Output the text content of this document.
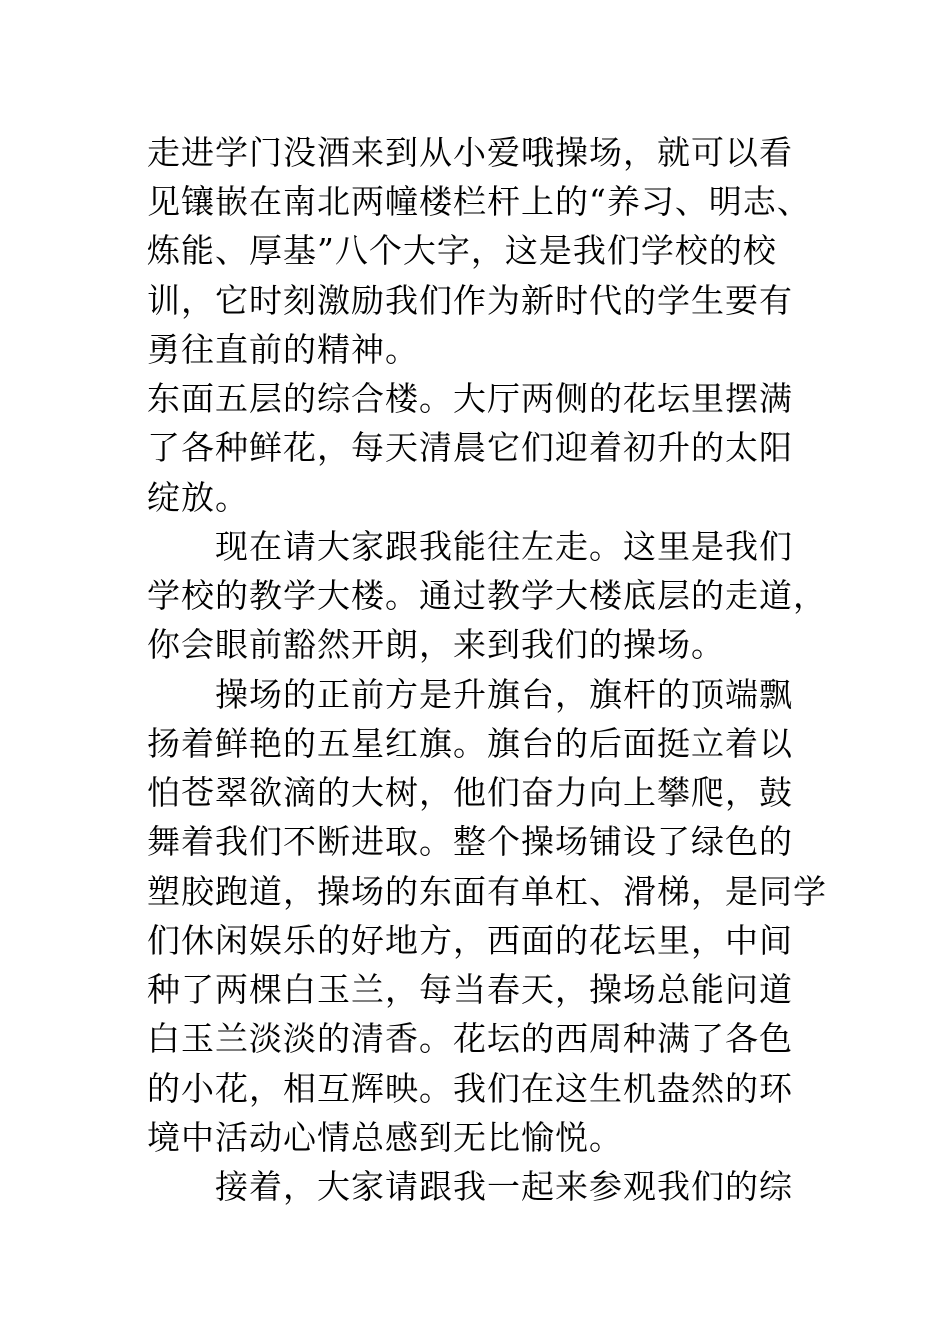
走进学门没酒来到从小爱哦操场，就可以看
见镶嵌在南北两幢楼栏杆上的“养习、明志、
炼能、厚基”八个大字，这是我们学校的校
训，它时刻激励我们作为新时代的学生要有
勇往直前的精神。
东面五层的综合楼。大厅两侧的花坛里摆满
了各种鲜花，每天清晨它们迎着初升的太阳
绽放。
现在请大家跟我能往左走。这里是我们
学校的教学大楼。通过教学大楼底层的走道，
你会眼前豁然开朗，来到我们的操场。
操场的正前方是升旗台，旗杆的顶端飘
扬着鲜艳的五星红旗。旗台的后面挺立着以
怕苍翠欲滴的大树，他们奋力向上攀爬，鼓
舞着我们不断进取。整个操场铺设了绿色的
塑胶跑道，操场的东面有单杠、滑梯，是同学
们休闲娱乐的好地方，西面的花坛里，中间
种了两棵白玉兰，每当春天，操场总能问道
白玉兰淡淡的清香。花坛的西周种满了各色
的小花，相互辉映。我们在这生机盎然的环
境中活动心情总感到无比愉悦。
接着，大家请跟我一起来参观我们的综
